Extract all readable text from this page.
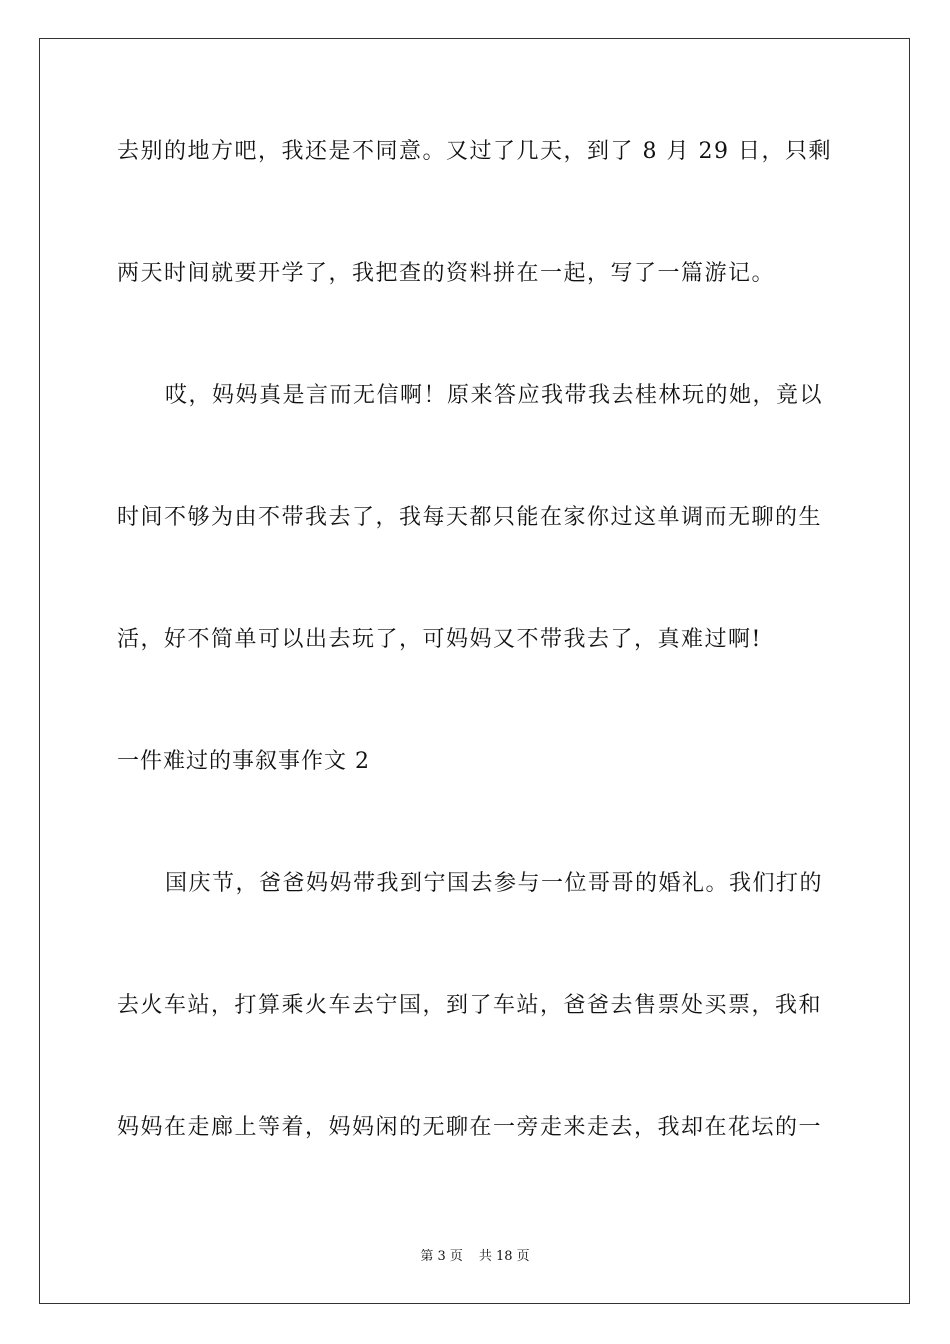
去别的地方吧，我还是不同意。又过了几天，到了 8 月 29 日，只剩
两天时间就要开学了，我把查的资料拼在一起，写了一篇游记。
哎，妈妈真是言而无信啊！原来答应我带我去桂林玩的她，竟以
时间不够为由不带我去了，我每天都只能在家你过这单调而无聊的生
活，好不简单可以出去玩了，可妈妈又不带我去了，真难过啊!
一件难过的事叙事作文 2
国庆节，爸爸妈妈带我到宁国去参与一位哥哥的婚礼。我们打的
去火车站，打算乘火车去宁国，到了车站，爸爸去售票处买票，我和
妈妈在走廊上等着，妈妈闲的无聊在一旁走来走去，我却在花坛的一
第 3 页 共 18 页
